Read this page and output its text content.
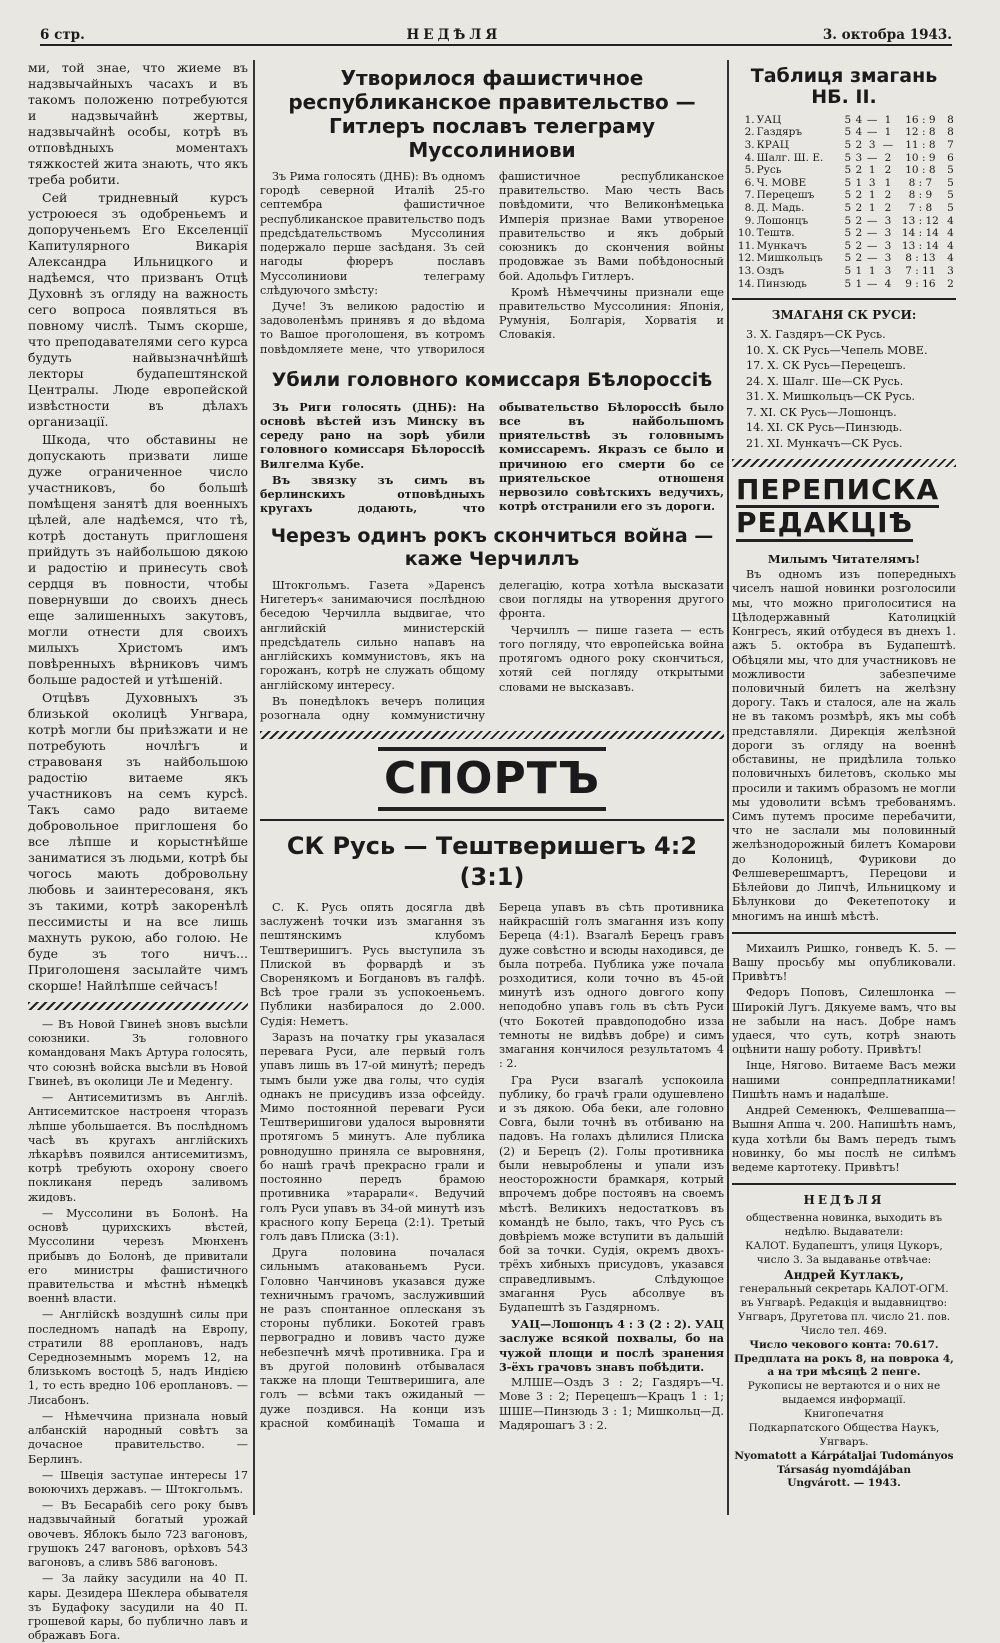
6 стр.	НЕДѢЛЯ	3. октобра 1943.

ми, той знае, что жиеме въ надзвычайныхъ часахъ и въ такомъ положеню потребуются и надзвычайнѣ жертвы, надзвычайнѣ особы, котрѣ въ отповѣдныхъ моментахъ тяжкостей жита знають, что якъ треба робити.

Сей тридневный курсъ устроюеся зъ одобреньемъ и допорученьемъ Его Екселенції Капитулярного Викарія Александра Ильницкого и надѣемся, что призванъ Отцѣ Духовнѣ зъ огляду на важность сего вопроса появляться въ повному числѣ. Тымъ скорше, что преподавателями сего курса будуть найвызначнѣйшѣ лекторы будапештянской Централы. Люде европейской извѣстности въ дѣлахъ организації.

Шкода, что обставины не допускають призвати лише дуже ограниченное число участниковъ, бо большѣ помѣщеня занятѣ для военныхъ цѣлей, але надѣемся, что тѣ, котрѣ достануть приглошеня прийдуть зъ найбольшою дякою и радостію и принесуть своѣ сердця въ повности, чтобы повернувши до своихъ днесь еще залишенныхъ закутовъ, могли отнести для своихъ милыхъ Христомъ имъ повѣренныхъ вѣрниковъ чимъ больше радостей и утѣшеній.

Отцѣвъ Духовныхъ зъ близькой околицѣ Унгвара, котрѣ могли бы приѣзжати и не потребують ночлѣгъ и стравованя зъ найбольшою радостію витаеме якъ участниковъ на семъ курсѣ. Такъ само радо витаеме добровольное приглошеня бо все лѣпше и корыстнѣйше заниматися зъ людьми, котрѣ бы чогось мають добровольну любовь и заинтересованя, якъ зъ такими, котрѣ закоренѣлѣ пессимисты и на все лишь махнуть рукою, або голою. Не буде зъ того ничъ... Приголошеня засылайте чимъ скорше! Найлѣпше сейчасъ!

— Въ Новой Гвинеѣ зновъ высѣли союзники. Зъ головного командованя Макъ Артура голосять, что союзнѣ войска высѣли въ Новой Гвинеѣ, въ околици Ле и Меденгу.

— Антисемитизмъ въ Англіѣ. Антисемитское настроеня чторазъ лѣпше убольшается. Въ послѣдномъ часѣ въ кругахъ англійскихъ лѣкарѣвъ появился антисемитизмъ, котрѣ требують охорону своего покликаня передъ заливомъ жидовъ.

— Муссолини въ Болонѣ. На основѣ цурихскихъ вѣстей, Муссолини черезъ Мюнхенъ прибывъ до Болонѣ, де привитали его министры фашистичного правительства и мѣстнѣ нѣмецкѣ военнѣ власти.

— Англійскѣ воздушнѣ силы при последномъ нападѣ на Европу, стратили 88 ероплановъ, надъ Середноземнымъ моремъ 12, на близькомъ востоцѣ 5, надъ Индією 1, то есть вредно 106 ероплановъ. — Лисабонъ.

— Нѣмеччина признала новый албанскій народный совѣтъ за дочасное правительство. — Берлинъ.

— Швеція заступае интересы 17 воюючихъ державъ. — Штокгольмъ.

— Въ Бесарабіѣ сего року бывъ надзвычайный богатый урожай овочевъ. Яблокъ было 723 вагоновъ, грушокъ 247 вагоновъ, орѣховъ 543 вагоновъ, а сливъ 586 вагоновъ.

— За лайку засудили на 40 П. кары. Дезидера Шеклера обывателя зъ Будафоку засудили на 40 П. грошевой кары, бо публично лавъ и ображавъ Бога.

Утворилося фашистичное республиканское правительство — Гитлеръ пославъ телеграму Муссолиниови

Зъ Рима голосять (ДНБ): Въ одномъ городѣ северной Италіѣ 25-го септембра фашистичное республиканское правительство подъ предсѣдательствомъ Муссолиния подержало перше засѣданя. Зъ сей нагоды фюреръ пославъ Муссолиниови телеграму слѣдуючого змѣсту:

Дуче! Зъ великою радостію и задоволенѣмъ принявъ я до вѣдома то Вашое проголошеня, въ котромъ повѣдомляете мене, что утворилося фашистичное республиканское правительство. Маю честь Вась повѣдомити, что Великонѣмецька Имперія признае Вами утвореное правительство и якъ добрый союзникъ до скончения войны продовжае зъ Вами побѣдоносный бой. Адольфъ Гитлеръ.

Кромѣ Нѣмеччины признали еще правительство Муссолиния: Японія, Румунія, Болгарія, Хорватія и Словакія.

Убили головного комиссаря Бѣлороссіѣ

Зъ Риги голосять (ДНБ): На основѣ вѣстей изъ Минску въ середу рано на зорѣ убили головного комиссаря Бѣлороссіѣ Вилгелма Кубе.

Въ звязку зъ симъ въ берлинскихъ отповѣдныхъ кругахъ додають, что обывательство Бѣлороссіѣ было все въ найбольшомъ приятельствѣ зъ головнымъ комиссаремъ. Якразъ се было и причиною его смерти бо се приятельское отношеня нервозило совѣтскихъ ведучихъ, котрѣ отстранили его зъ дороги.

Черезъ одинъ рокъ скончиться война — каже Черчиллъ

Штокгольмъ. Газета »Даренсъ Нигетеръ« занимаючися послѣдною беседою Черчилла выдвигае, что английскій министерскій предсѣдатель сильно напавъ на англійскихъ коммунистовъ, якъ на горожанъ, котрѣ не служать общому англійскому интересу.

Въ понедѣлокъ вечеръ полиция розогнала одну коммунистичну делегацію, котра хотѣла высказати свои погляды на утворення другого фронта.

Черчиллъ — пише газета — есть того погляду, что европейська война протягомъ одного року скончиться, хотяй сей погляду открытыми словами не высказавъ.

СПОРТЪ
СК Русь — Тештверишегъ 4:2 (3:1)

С. К. Русь опять досягла двѣ заслуженѣ точки изъ змагання зъ пештянскимъ клубомъ Тештверишигъ. Русь выступила зъ Плиской въ форвардѣ и зъ Своренякомъ и Богдановъ въ галфѣ. Всѣ трое грали зъ успокоеньемъ. Публики назбиралося до 2.000. Судія: Неметъ.

Заразъ на початку гры указалася перевага Руси, але первый голъ упавъ лишь въ 17-ой минутѣ; передъ тымъ были уже два голы, что судія однакъ не присудивъ изза офсейду. Мимо постоянной переваги Руси Тештверишигови удалося выровняти протягомъ 5 минутъ. Але публика ровнодушно приняла се выровняня, бо нашѣ грачѣ прекрасно грали и постоянно передъ брамою противника »тарарали«. Ведучий голъ Руси упавъ въ 34-ой минутѣ изъ красного копу Береца (2:1). Третый голъ давъ Плиска (3:1).

Друга половина почалася сильнымъ атакованьемъ Руси. Головно Чанчиновъ указався дуже техничнымъ грачомъ, заслуживший не разъ спонтанное оплесканя зъ стороны публики. Бокотей гравъ первоградно и ловивъ часто дуже небезпечнѣ мячѣ противника. Гра и въ другой половинѣ отбывалася также на площи Тештверишига, але голъ — всѣми такъ ожиданый — дуже поздився. На конци изъ красной комбинаціѣ Томаша и Береца упавъ въ сѣть противника найкрасшій голъ змагання изъ копу Береца (4:1). Взагалѣ Берецъ гравъ дуже совѣстно и всюды находився, де была потреба. Публика уже почала розходитися, коли точно въ 45-ой минутѣ изъ одного довгого копу неподобно упавъ голь въ сѣть Руси (что Бокотей правдоподобно изза темноты не видѣвъ добре) и симъ змагання кончилося результатомъ 4 : 2.

Гра Руси взагалѣ успокоила публику, бо грачѣ грали одушевлено и зъ дякою. Оба беки, але головно Совга, были точнѣ въ отбиваню на падовъ. На голахъ дѣлилися Плиска (2) и Берецъ (2). Голы противника были невыроблены и упали изъ неосторожности брамкаря, котрый впрочемъ добре постоявъ на своемъ мѣстѣ. Великихъ недостатковъ въ командѣ не было, такъ, что Русь съ довѣріемъ може вступити въ дальшій бой за точки. Судія, окремъ двохъ-трёхъ хибныхъ присудовъ, указався справедливымъ. Слѣдующое змагання Русь абсолвуе въ Будапештѣ зъ Газдярномъ.

УАЦ—Лошонцъ 4 : 3 (2 : 2). УАЦ заслуже всякой похвалы, бо на чужой площи и послѣ зранения 3-ёхъ грачовъ знавъ побѣдити.

МЛШЕ—Оздъ 3 : 2; Газдяръ—Ч. Мове 3 : 2; Перецешъ—Крацъ 1 : 1; ШШЕ—Пинзюдь 3 : 1; Мишкольц—Д. Мадярошагъ 3 : 2.

Таблиця змагань НБ. II.
1.	УАЦ	5	4	—	1	16 : 9	8
2.	Газдяръ	5	4	—	1	12 : 8	8
3.	КРАЦ	5	2	3	—	11 : 8	7
4.	Шалг. Ш. Е.	5	3	—	2	10 : 9	6
5.	Русь	5	2	1	2	10 : 8	5
6.	Ч. МОВЕ	5	1	3	1	8 : 7	5
7.	Перецешъ	5	2	1	2	8 : 9	5
8.	Д. Мадь.	5	2	1	2	7 : 8	5
9.	Лошонцъ	5	2	—	3	13 : 12	4
10.	Тештв.	5	2	—	3	14 : 14	4
11.	Мункачъ	5	2	—	3	13 : 14	4
12.	Мишкольцъ	5	2	—	3	8 : 13	4
13.	Оздъ	5	1	1	3	7 : 11	3
14.	Пинзюдь	5	1	—	4	9 : 16	2
ЗМАГАНЯ СК РУСИ:
3. Х. Газдяръ—СК Русь.
10. Х. СК Русь—Чепель МОВЕ.
17. Х. СК Русь—Перецешъ.
24. Х. Шалг. Ше—СК Русь.
31. Х. Мишкольцъ—СК Русь.
7. ХІ. СК Русь—Лошонцъ.
14. ХІ. СК Русь—Пинзюдь.
21. ХІ. Мункачъ—СК Русь.
ПЕРЕПИСКА
РЕДАКЦІѢ

Милымъ Читателямъ!

Въ одномъ изъ попередныхъ чиселъ нашой новинки розголосили мы, что можно приголоситися на Цѣлодержавный Католицкій Конгресъ, який отбудеся въ днехъ 1. ажъ 5. октобра въ Будапештѣ. Обѣцяли мы, что для участниковъ не можливости забезпечиме половичный билетъ на желѣзну дорогу. Такъ и сталося, але на жаль не въ такомъ розмѣрѣ, якъ мы собѣ представляли. Дирекція желѣзной дороги зъ огляду на военнѣ обставины, не придѣлила только половичныхъ билетовъ, сколько мы просили и такимъ образомъ не могли мы удоволити всѣмъ требованямъ. Симъ путемъ просиме перебачити, что не заслали мы половинный желѣзнодорожный билетъ Комарови до Колоницѣ, Фурикови до Фелшеверешмартъ, Перецови и Бѣлейови до Липчѣ, Ильницкому и Бѣлункови до Фекетепотоку и многимъ на иншѣ мѣстѣ.

Михаилъ Ришко, гонведъ К. 5. — Вашу просьбу мы опубликовали. Привѣтъ!

Федоръ Поповъ, Силешлонка — Широкій Лугъ. Дякуеме вамъ, что вы не забыли на насъ. Добре намъ удаеся, что суть, котрѣ знають оцѣнити нашу роботу. Привѣтъ!

Інце, Нягово. Витаеме Васъ межи нашими сонпредплатниками! Пишѣть намъ и надалѣше.

Андрей Семенюкъ, Фелшевапша—Вышня Апша ч. 200. Напишѣть намъ, куда хотѣли бы Вамъ передъ тымъ новинку, бо мы послѣ не силѣмъ ведеме картотеку. Привѣтъ!

НЕДѢЛЯ

общественна новинка, выходить въ недѣлю. Выдаватели:

КАЛОТ. Будапештъ, улиця Цукоръ, число 3. За выдаванье отвѣчае:

Андрей Кутлакъ,

генеральный секретарь КАЛОТ-ОГМ. въ Унгварѣ. Редакція и выдавництво:

Унгваръ, Другетова пл. число 21. пов. Число тел. 469.

Число чекового конта: 70.617.

Предплата на рокъ 8, на поврока 4, а на три мѣсяцѣ 2 пенге.

Рукописы не вертаются и о них не выдаемся информації.

Книгопечатня

Подкарпатского Общества Наукъ, Унгваръ.

Nyomatott a Kárpátaljai Tudományos Társaság nyomdájában

Ungvárott. — 1943.
